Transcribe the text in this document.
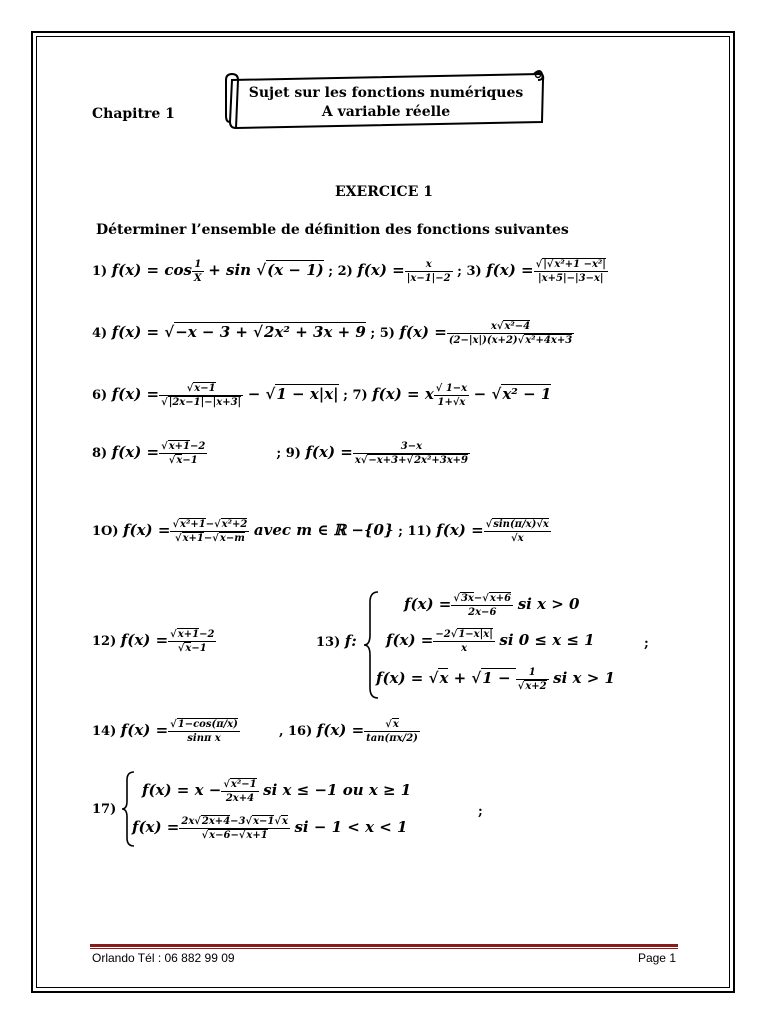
Chapitre 1
Sujet sur les fonctions numériques
A variable réelle
EXERCICE 1
Déterminer l’ensemble de définition des fonctions suivantes
1) $f(x) = \cos \frac{1}{X} + \sin √(x - 1)$ ; 2) $f(x) = \frac{x}{|x-1|-2}$ ; 3) $f(x) = \frac{\text{√|√x²+1 −x²|}}{|x+5|-|3-x|}$
4) f(x) = √−x − 3 + √2x² + 3x + 9 ; 5) $f(x) = \frac{\text{x√x²−4}}{\text{(2−|x|)(x+2)√x²+4x+3}}$
6) $f(x) = \frac{√x-1}{√|2x-1|-|x+3|} - √1 - x|x|$ ; 7) f(x) = x $\frac{√ 1-x}{1+√x} - √x^2 - 1$
8) $f(x) = \frac{√x+1-2}{√x-1}$	; 9) $f(x) = \frac{3-x}{\text{x√−x+3+√2x²+3x+9}}$
1O) $f(x) = \frac{\text{√x²+1−√x²+2}}{√x+1-√x-m}$ avec m ∈ ℝ −{0} ; 11) $f(x) = \frac{√\sin(\pi/x)√x}{√x}$
12) $f(x) = \frac{√x+1-2}{√x-1}$	13) f:
$f(x) = \frac{√3x-√x+6}{2x-6}$ si x > 0
$f(x) = \frac{-2√1-x|x|}{x}$ si 0 ≤ x ≤ 1
$f(x) = √x + √1 - \frac{1}{√x+2}$ si x > 1
;
14) $f(x) = \frac{√1-\cos(\pi/x)}{\text{sinπ x}}$	, 16) $f(x) = \frac{√x}{\tan(\pi x/2)}$
17)
$f(x) = x - \frac{\text{√x²−1}}{2x+4}$ si x ≤ −1 ou x ≥ 1
$f(x) = \frac{2x√2x+4-3√x-1√x}{√x-6-√x+1}$ si − 1 < x < 1
;
Orlando Tél : 06 882 99 09	Page 1
